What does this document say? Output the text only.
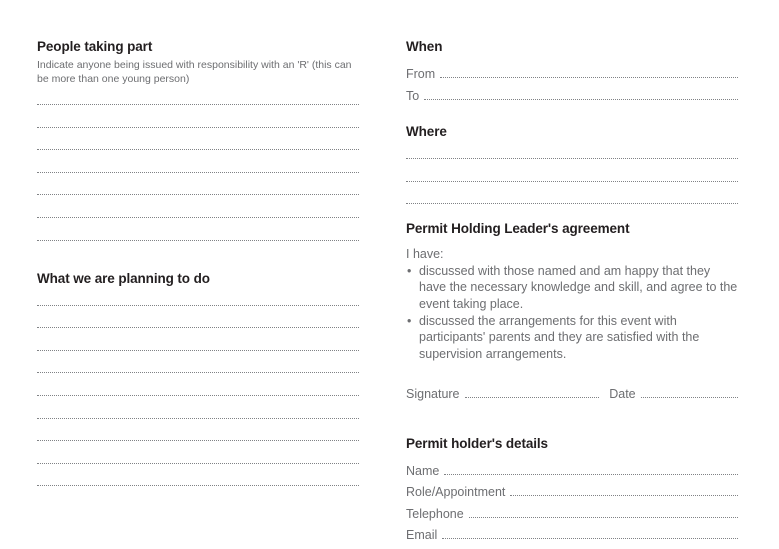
People taking part

Indicate anyone being issued with responsibility with an 'R' (this can be more than one young person)

What we are planning to do
When
From
To
Where
Permit Holding Leader's agreement

I have:

• discussed with those named and am happy that they have the necessary knowledge and skill, and agree to the event taking place.
• discussed the arrangements for this event with participants' parents and they are satisfied with the supervision arrangements.
Signature	Date
Permit holder's details
Name
Role/Appointment
Telephone
Email
